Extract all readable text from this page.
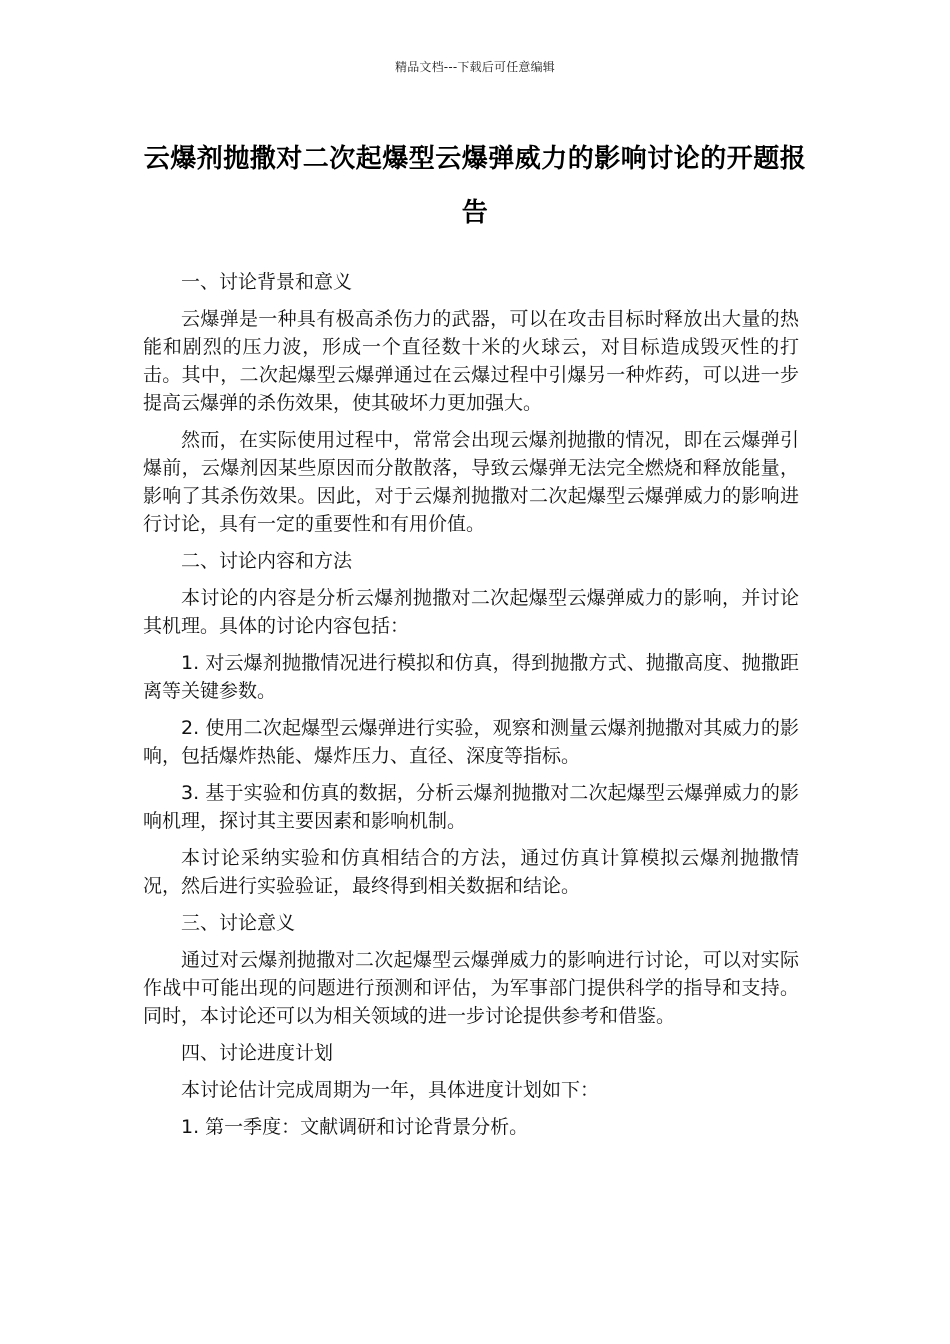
精品文档---下载后可任意编辑
云爆剂抛撒对二次起爆型云爆弹威力的影响讨论的开题报告

一、讨论背景和意义

云爆弹是一种具有极高杀伤力的武器，可以在攻击目标时释放出大量的热能和剧烈的压力波，形成一个直径数十米的火球云，对目标造成毁灭性的打击。其中，二次起爆型云爆弹通过在云爆过程中引爆另一种炸药，可以进一步提高云爆弹的杀伤效果，使其破坏力更加强大。

然而，在实际使用过程中，常常会出现云爆剂抛撒的情况，即在云爆弹引爆前，云爆剂因某些原因而分散散落，导致云爆弹无法完全燃烧和释放能量，影响了其杀伤效果。因此，对于云爆剂抛撒对二次起爆型云爆弹威力的影响进行讨论，具有一定的重要性和有用价值。

二、讨论内容和方法

本讨论的内容是分析云爆剂抛撒对二次起爆型云爆弹威力的影响，并讨论其机理。具体的讨论内容包括：

1. 对云爆剂抛撒情况进行模拟和仿真，得到抛撒方式、抛撒高度、抛撒距离等关键参数。

2. 使用二次起爆型云爆弹进行实验，观察和测量云爆剂抛撒对其威力的影响，包括爆炸热能、爆炸压力、直径、深度等指标。

3. 基于实验和仿真的数据，分析云爆剂抛撒对二次起爆型云爆弹威力的影响机理，探讨其主要因素和影响机制。

本讨论采纳实验和仿真相结合的方法，通过仿真计算模拟云爆剂抛撒情况，然后进行实验验证，最终得到相关数据和结论。

三、讨论意义

通过对云爆剂抛撒对二次起爆型云爆弹威力的影响进行讨论，可以对实际作战中可能出现的问题进行预测和评估，为军事部门提供科学的指导和支持。同时，本讨论还可以为相关领域的进一步讨论提供参考和借鉴。

四、讨论进度计划

本讨论估计完成周期为一年，具体进度计划如下：

1. 第一季度：文献调研和讨论背景分析。
